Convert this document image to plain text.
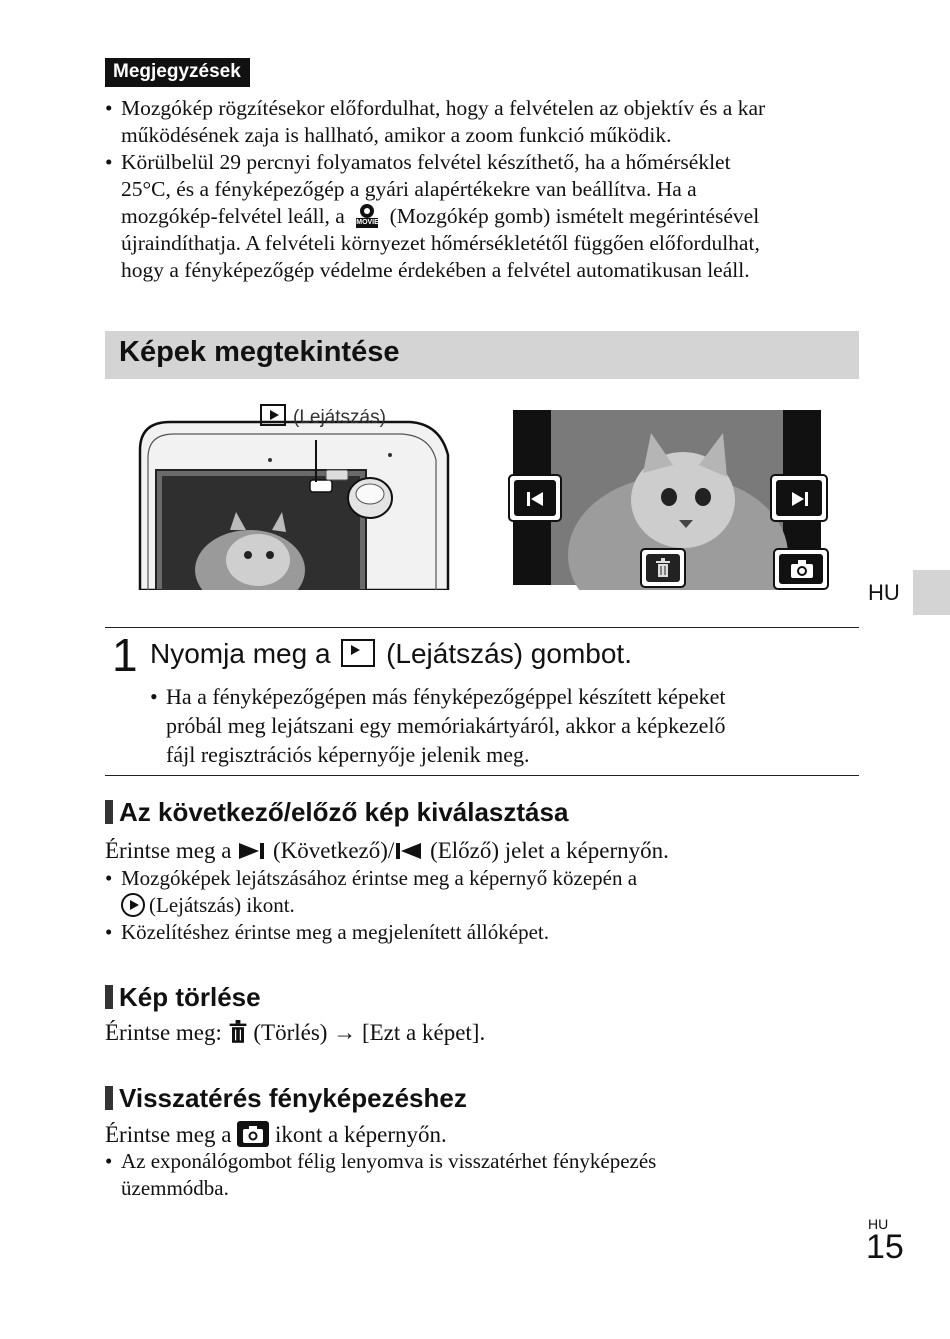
Megjegyzések
• Mozgókép rögzítésekor előfordulhat, hogy a felvételen az objektív és a kar
működésének zaja is hallható, amikor a zoom funkció működik.
• Körülbelül 29 percnyi folyamatos felvétel készíthető, ha a hőmérséklet
25°C, és a fényképezőgép a gyári alapértékekre van beállítva. Ha a
mozgókép-felvétel leáll, a MOVIE (Mozgókép gomb) ismételt megérintésével
újraindíthatja. A felvételi környezet hőmérsékletétől függően előfordulhat,
hogy a fényképezőgép védelme érdekében a felvétel automatikusan leáll.
Képek megtekintése
(Lejátszás)
HU
1 Nyomja meg a (Lejátszás) gombot.
• Ha a fényképezőgépen más fényképezőgéppel készített képeket
próbál meg lejátszani egy memóriakártyáról, akkor a képkezelő
fájl regisztrációs képernyője jelenik meg.
Az következő/előző kép kiválasztása
Érintse meg a (Következő)/ (Előző) jelet a képernyőn.
• Mozgóképek lejátszásához érintse meg a képernyő közepén a
(Lejátszás) ikont.
• Közelítéshez érintse meg a megjelenített állóképet.
Kép törlése
Érintse meg: (Törlés) → [Ezt a képet].
Visszatérés fényképezéshez
Érintse meg a ikont a képernyőn.
• Az exponálógombot félig lenyomva is visszatérhet fényképezés
üzemmódba.
HU
15
